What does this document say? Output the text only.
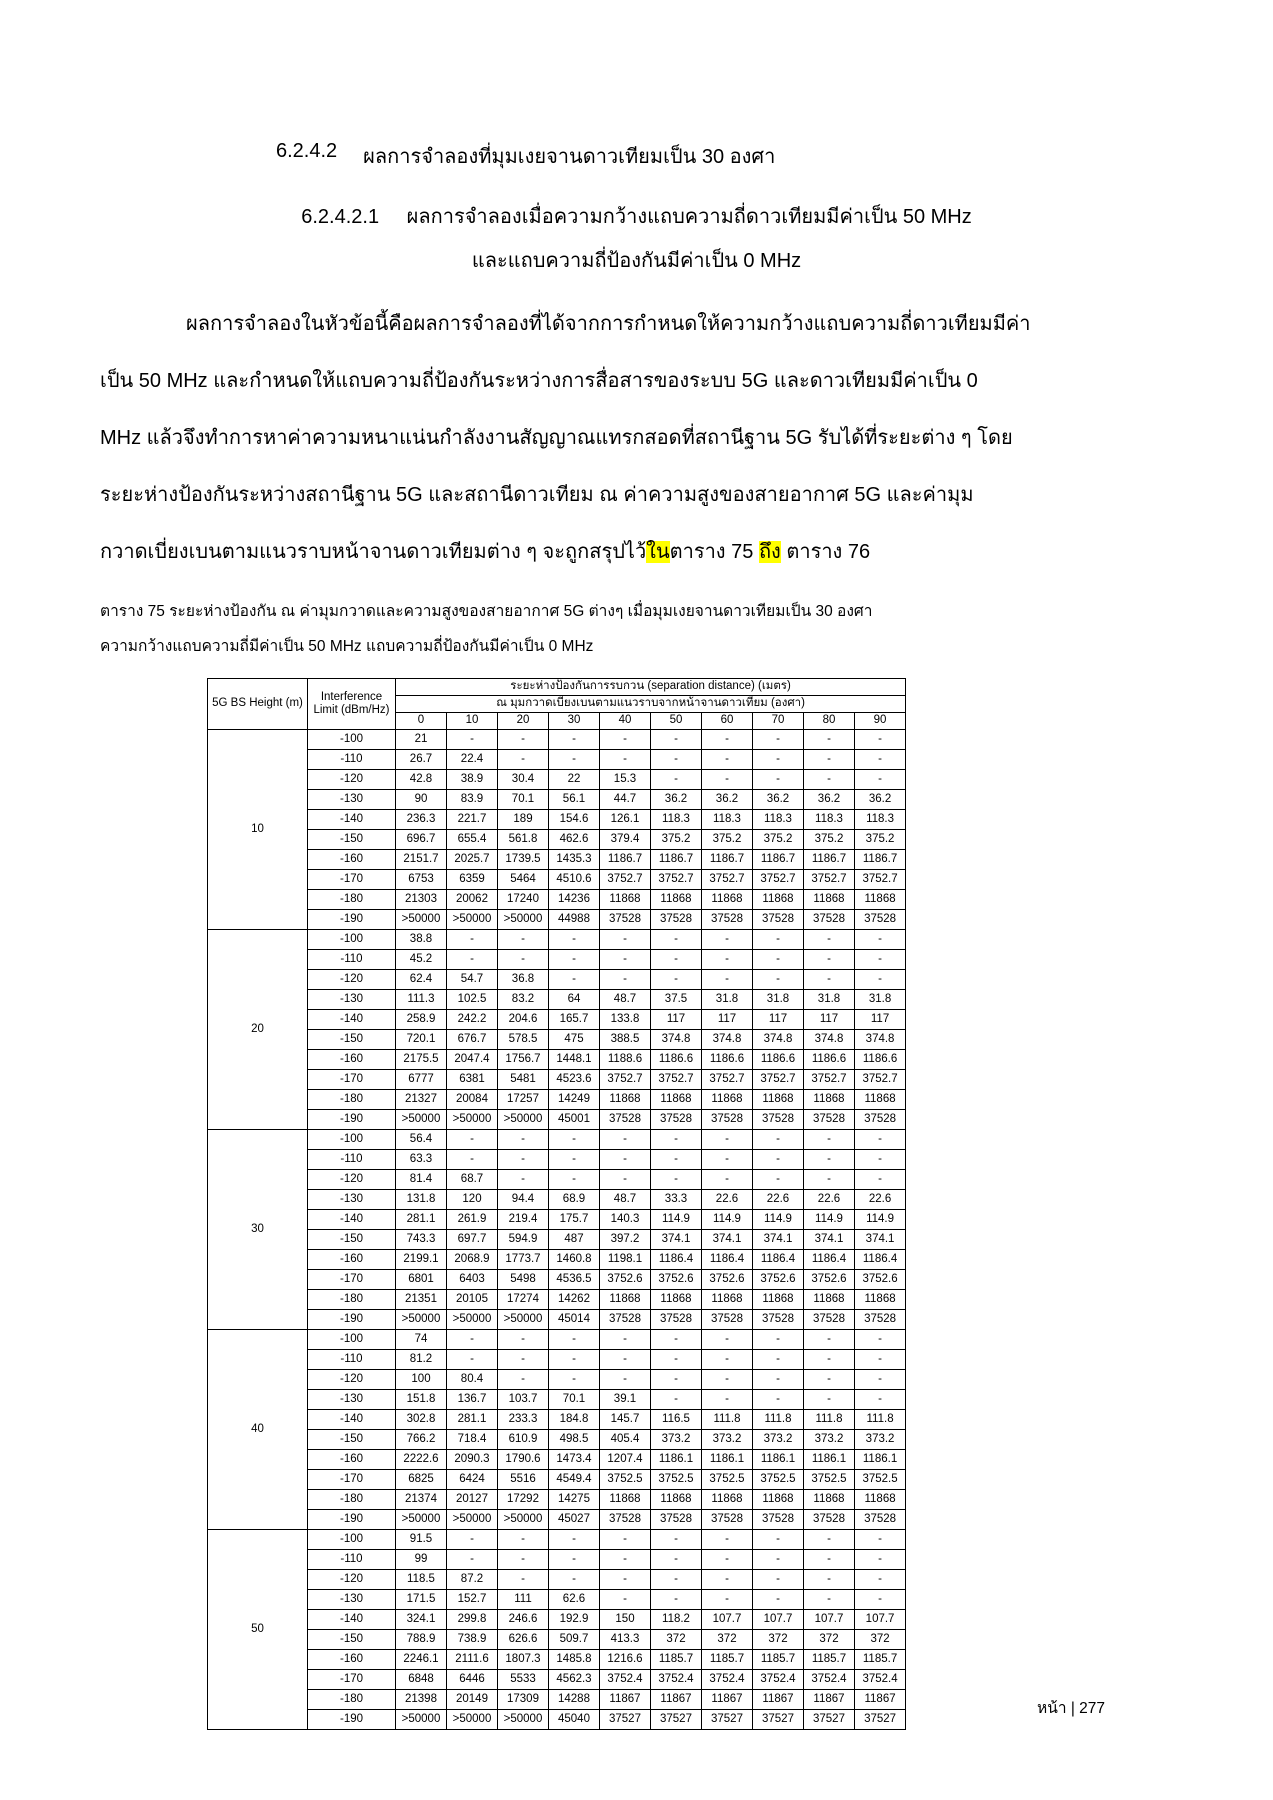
6.2.4.2 ผลการจำลองที่มุมเงยจานดาวเทียมเป็น 30 องศา
6.2.4.2.1 ผลการจำลองเมื่อความกว้างแถบความถี่ดาวเทียมมีค่าเป็น 50 MHz
และแถบความถี่ป้องกันมีค่าเป็น 0 MHz
ผลการจำลองในหัวข้อนี้คือผลการจำลองที่ได้จากการกำหนดให้ความกว้างแถบความถี่ดาวเทียมมีค่า
เป็น 50 MHz และกำหนดให้แถบความถี่ป้องกันระหว่างการสื่อสารของระบบ 5G และดาวเทียมมีค่าเป็น 0
MHz แล้วจึงทำการหาค่าความหนาแน่นกำลังงานสัญญาณแทรกสอดที่สถานีฐาน 5G รับได้ที่ระยะต่าง ๆ โดย
ระยะห่างป้องกันระหว่างสถานีฐาน 5G และสถานีดาวเทียม ณ ค่าความสูงของสายอากาศ 5G และค่ามุม
กวาดเบี่ยงเบนตามแนวราบหน้าจานดาวเทียมต่าง ๆ จะถูกสรุปไว้ในตาราง 75 ถึง ตาราง 76
ตาราง 75 ระยะห่างป้องกัน ณ ค่ามุมกวาดและความสูงของสายอากาศ 5G ต่างๆ เมื่อมุมเงยจานดาวเทียมเป็น 30 องศา
ความกว้างแถบความถี่มีค่าเป็น 50 MHz แถบความถี่ป้องกันมีค่าเป็น 0 MHz
5G BS Height (m)	Interference Limit (dBm/Hz)	ระยะห่างป้องกันการรบกวน (separation distance) (เมตร)									
		ณ มุมกวาดเบี่ยงเบนตามแนวราบจากหน้าจานดาวเทียม (องศา)									
		0	10	20	30	40	50	60	70	80	90
10	-100	21	-	-	-	-	-	-	-	-	-
	-110	26.7	22.4	-	-	-	-	-	-	-	-
	-120	42.8	38.9	30.4	22	15.3	-	-	-	-	-
	-130	90	83.9	70.1	56.1	44.7	36.2	36.2	36.2	36.2	36.2
	-140	236.3	221.7	189	154.6	126.1	118.3	118.3	118.3	118.3	118.3
	-150	696.7	655.4	561.8	462.6	379.4	375.2	375.2	375.2	375.2	375.2
	-160	2151.7	2025.7	1739.5	1435.3	1186.7	1186.7	1186.7	1186.7	1186.7	1186.7
	-170	6753	6359	5464	4510.6	3752.7	3752.7	3752.7	3752.7	3752.7	3752.7
	-180	21303	20062	17240	14236	11868	11868	11868	11868	11868	11868
	-190	>50000	>50000	>50000	44988	37528	37528	37528	37528	37528	37528
20	-100	38.8	-	-	-	-	-	-	-	-	-
	-110	45.2	-	-	-	-	-	-	-	-	-
	-120	62.4	54.7	36.8	-	-	-	-	-	-	-
	-130	111.3	102.5	83.2	64	48.7	37.5	31.8	31.8	31.8	31.8
	-140	258.9	242.2	204.6	165.7	133.8	117	117	117	117	117
	-150	720.1	676.7	578.5	475	388.5	374.8	374.8	374.8	374.8	374.8
	-160	2175.5	2047.4	1756.7	1448.1	1188.6	1186.6	1186.6	1186.6	1186.6	1186.6
	-170	6777	6381	5481	4523.6	3752.7	3752.7	3752.7	3752.7	3752.7	3752.7
	-180	21327	20084	17257	14249	11868	11868	11868	11868	11868	11868
	-190	>50000	>50000	>50000	45001	37528	37528	37528	37528	37528	37528
30	-100	56.4	-	-	-	-	-	-	-	-	-
	-110	63.3	-	-	-	-	-	-	-	-	-
	-120	81.4	68.7	-	-	-	-	-	-	-	-
	-130	131.8	120	94.4	68.9	48.7	33.3	22.6	22.6	22.6	22.6
	-140	281.1	261.9	219.4	175.7	140.3	114.9	114.9	114.9	114.9	114.9
	-150	743.3	697.7	594.9	487	397.2	374.1	374.1	374.1	374.1	374.1
	-160	2199.1	2068.9	1773.7	1460.8	1198.1	1186.4	1186.4	1186.4	1186.4	1186.4
	-170	6801	6403	5498	4536.5	3752.6	3752.6	3752.6	3752.6	3752.6	3752.6
	-180	21351	20105	17274	14262	11868	11868	11868	11868	11868	11868
	-190	>50000	>50000	>50000	45014	37528	37528	37528	37528	37528	37528
40	-100	74	-	-	-	-	-	-	-	-	-
	-110	81.2	-	-	-	-	-	-	-	-	-
	-120	100	80.4	-	-	-	-	-	-	-	-
	-130	151.8	136.7	103.7	70.1	39.1	-	-	-	-	-
	-140	302.8	281.1	233.3	184.8	145.7	116.5	111.8	111.8	111.8	111.8
	-150	766.2	718.4	610.9	498.5	405.4	373.2	373.2	373.2	373.2	373.2
	-160	2222.6	2090.3	1790.6	1473.4	1207.4	1186.1	1186.1	1186.1	1186.1	1186.1
	-170	6825	6424	5516	4549.4	3752.5	3752.5	3752.5	3752.5	3752.5	3752.5
	-180	21374	20127	17292	14275	11868	11868	11868	11868	11868	11868
	-190	>50000	>50000	>50000	45027	37528	37528	37528	37528	37528	37528
50	-100	91.5	-	-	-	-	-	-	-	-	-
	-110	99	-	-	-	-	-	-	-	-	-
	-120	118.5	87.2	-	-	-	-	-	-	-	-
	-130	171.5	152.7	111	62.6	-	-	-	-	-	-
	-140	324.1	299.8	246.6	192.9	150	118.2	107.7	107.7	107.7	107.7
	-150	788.9	738.9	626.6	509.7	413.3	372	372	372	372	372
	-160	2246.1	2111.6	1807.3	1485.8	1216.6	1185.7	1185.7	1185.7	1185.7	1185.7
	-170	6848	6446	5533	4562.3	3752.4	3752.4	3752.4	3752.4	3752.4	3752.4
	-180	21398	20149	17309	14288	11867	11867	11867	11867	11867	11867
	-190	>50000	>50000	>50000	45040	37527	37527	37527	37527	37527	37527
หน้า | 277
